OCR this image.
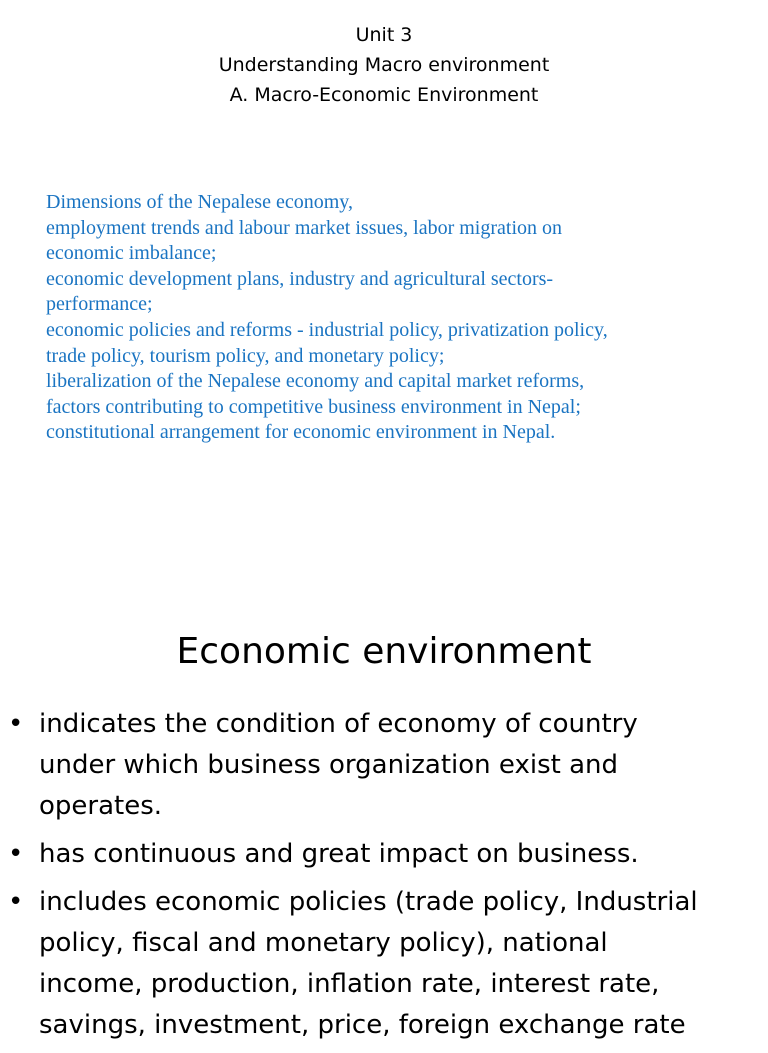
Unit 3
Understanding Macro environment
A. Macro-Economic Environment
Dimensions of the Nepalese economy,
employment trends and labour market issues, labor migration on
economic imbalance;
economic development plans, industry and agricultural sectors-
performance;
economic policies and reforms - industrial policy, privatization policy,
trade policy, tourism policy, and monetary policy;
liberalization of the Nepalese economy and capital market reforms,
factors contributing to competitive business environment in Nepal;
constitutional arrangement for economic environment in Nepal.
Economic environment
• indicates the condition of economy of country
under which business organization exist and
operates.
• has continuous and great impact on business.
• includes economic policies (trade policy, Industrial
policy, fiscal and monetary policy), national
income, production, inflation rate, interest rate,
savings, investment, price, foreign exchange rate
